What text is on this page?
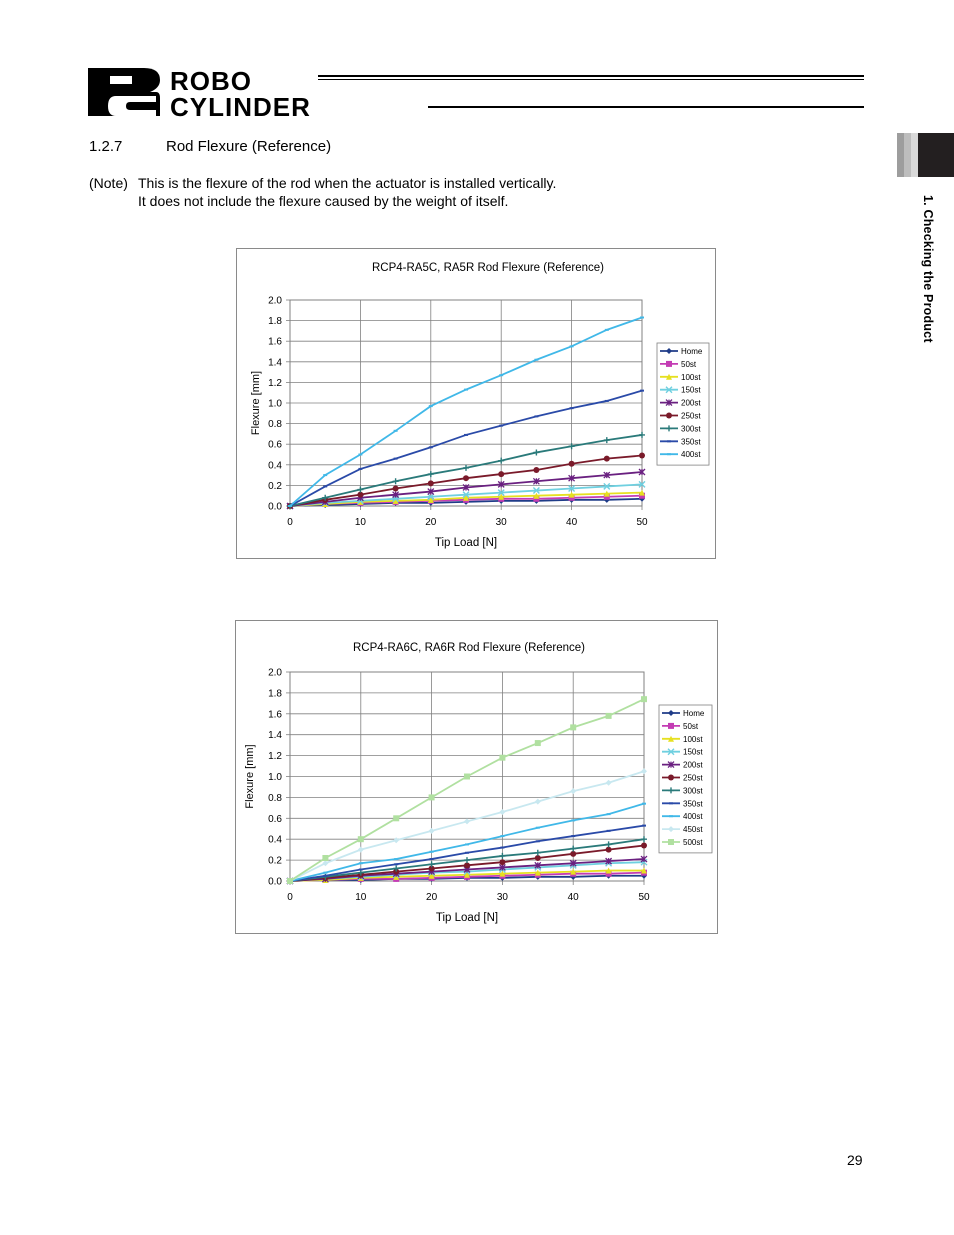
ROBO
CYLINDER
1. Checking the Product
1.2.7	Rod Flexure (Reference)
(Note) This is the flexure of the rod when the actuator is installed vertically.
It does not include the flexure caused by the weight of itself.
RCP4-RA5C, RA5R Rod Flexure (Reference)
0.0
0.2
0.4
0.6
0.8
1.0
1.2
1.4
1.6
1.8
2.0
0	10	20	30	40	50
Tip Load [N]
Flexure [mm]
Home
50st
100st
150st
200st
250st
300st
350st
400st
RCP4-RA6C, RA6R Rod Flexure (Reference)
0.0
0.2
0.4
0.6
0.8
1.0
1.2
1.4
1.6
1.8
2.0
0	10	20	30	40	50
Tip Load [N]
Flexure [mm]
Home
50st
100st
150st
200st
250st
300st
350st
400st
450st
500st
29
